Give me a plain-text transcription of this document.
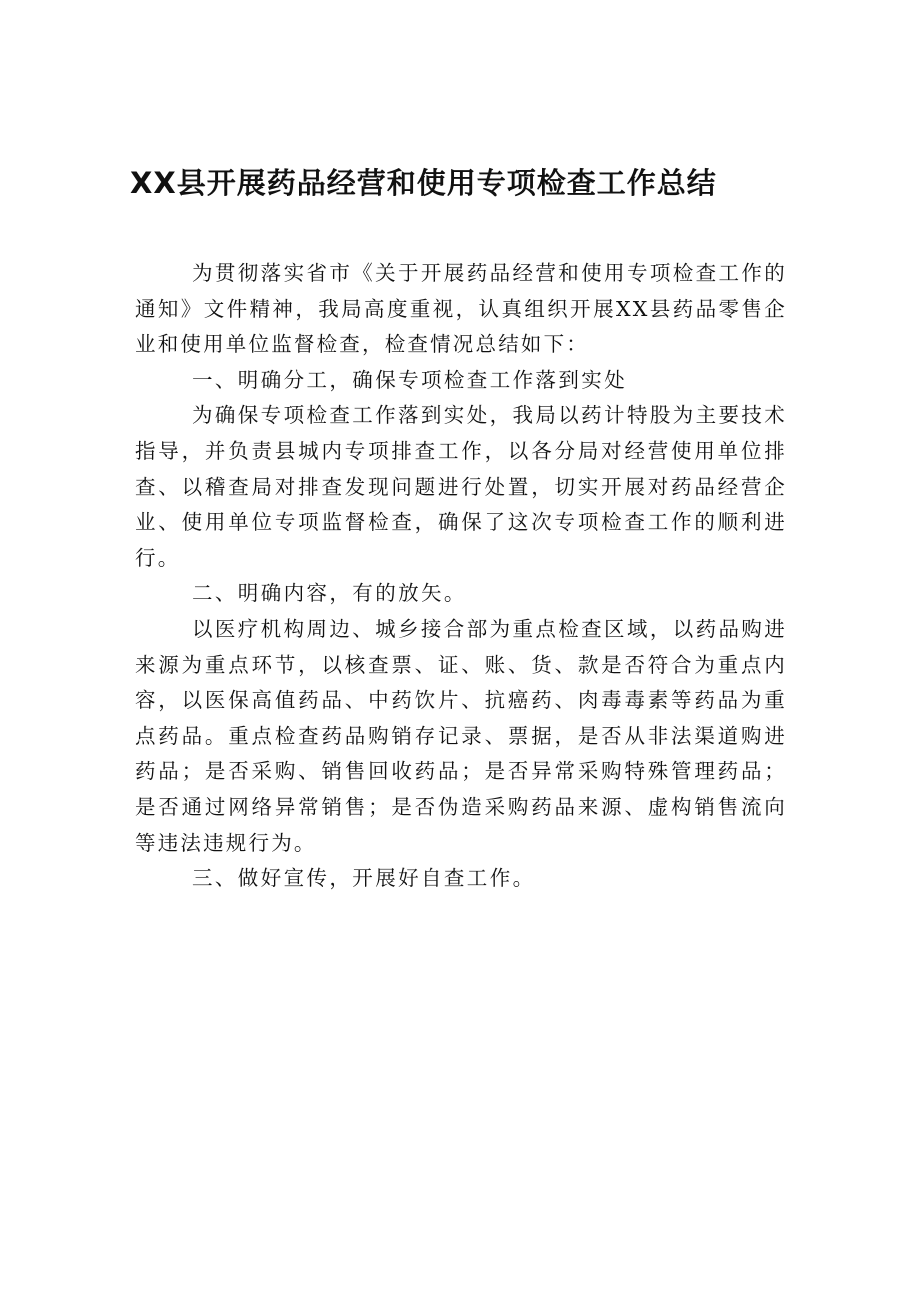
XX县开展药品经营和使用专项检查工作总结

为贯彻落实省市《关于开展药品经营和使用专项检查工作的通知》文件精神，我局高度重视，认真组织开展XX县药品零售企业和使用单位监督检查，检查情况总结如下：

一、明确分工，确保专项检查工作落到实处

为确保专项检查工作落到实处，我局以药计特股为主要技术指导，并负责县城内专项排查工作，以各分局对经营使用单位排查、以稽查局对排查发现问题进行处置，切实开展对药品经营企业、使用单位专项监督检查，确保了这次专项检查工作的顺利进行。

二、明确内容，有的放矢。

以医疗机构周边、城乡接合部为重点检查区域，以药品购进来源为重点环节，以核查票、证、账、货、款是否符合为重点内容，以医保高值药品、中药饮片、抗癌药、肉毒毒素等药品为重点药品。重点检查药品购销存记录、票据，是否从非法渠道购进药品；是否采购、销售回收药品；是否异常采购特殊管理药品；是否通过网络异常销售；是否伪造采购药品来源、虚构销售流向等违法违规行为。

三、做好宣传，开展好自查工作。
